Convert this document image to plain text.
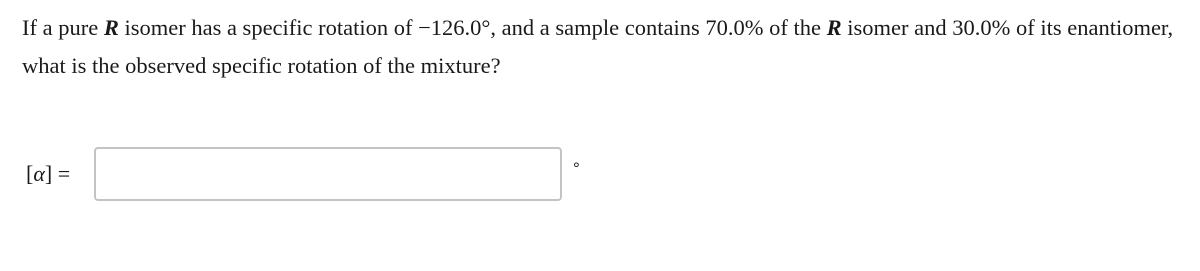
If a pure R isomer has a specific rotation of −126.0°, and a sample contains 70.0% of the R isomer and 30.0% of its enantiomer, what is the observed specific rotation of the mixture?

[α] =	°
